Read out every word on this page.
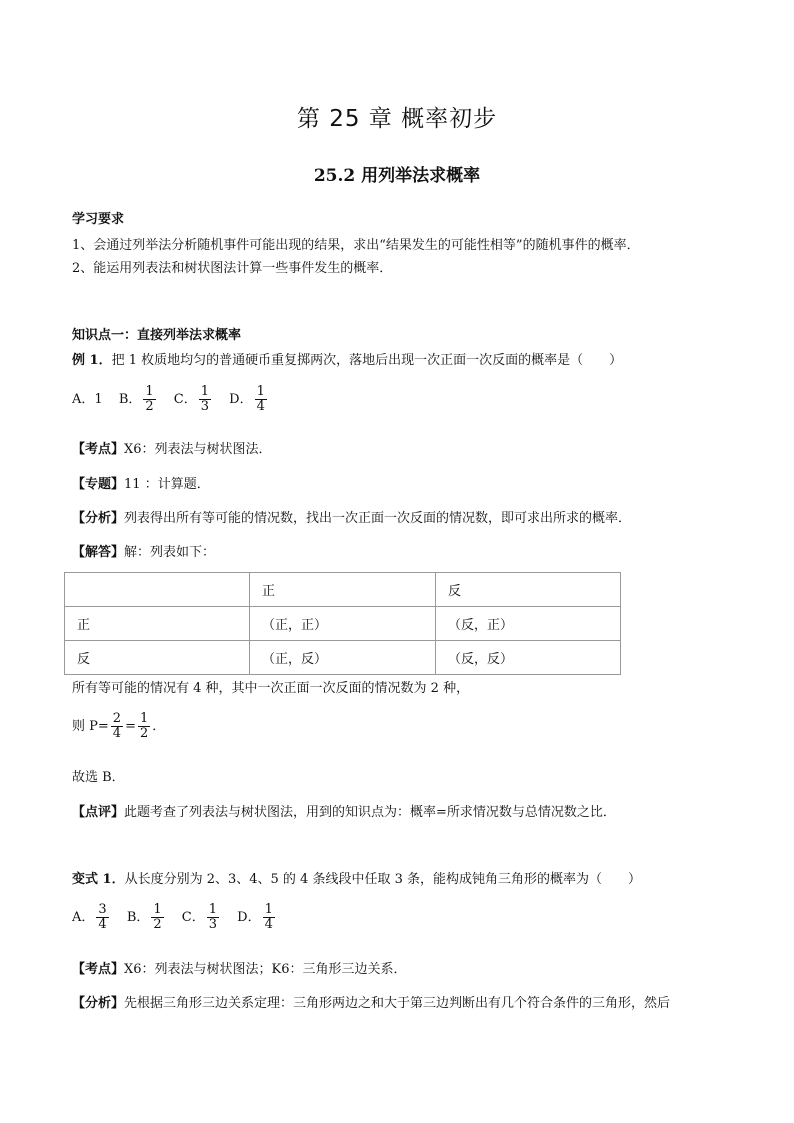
第 25 章 概率初步
25.2 用列举法求概率
学习要求
1、会通过列举法分析随机事件可能出现的结果，求出“结果发生的可能性相等”的随机事件的概率．
2、能运用列表法和树状图法计算一些事件发生的概率．
知识点一：直接列举法求概率
例 1．把 1 枚质地均匀的普通硬币重复掷两次，落地后出现一次正面一次反面的概率是（　　）
A．1 B． $\frac{1}{2}$ C． $\frac{1}{3}$ D． $\frac{1}{4}$
【考点】X6：列表法与树状图法．
【专题】11 ：计算题．
【分析】列表得出所有等可能的情况数，找出一次正面一次反面的情况数，即可求出所求的概率．
【解答】解：列表如下：
	正	反
正	（正，正）	（反，正）
反	（正，反）	（反，反）
所有等可能的情况有 4 种，其中一次正面一次反面的情况数为 2 种，
则 $P= \frac{2}{4} = \frac{1}{2}$ ．
故选 B．
【点评】此题考查了列表法与树状图法，用到的知识点为：概率=所求情况数与总情况数之比．
变式 1．从长度分别为 2、3、4、5 的 4 条线段中任取 3 条，能构成钝角三角形的概率为（　　）
A． $\frac{3}{4}$ B． $\frac{1}{2}$ C． $\frac{1}{3}$ D． $\frac{1}{4}$
【考点】X6：列表法与树状图法；K6：三角形三边关系．
【分析】先根据三角形三边关系定理：三角形两边之和大于第三边判断出有几个符合条件的三角形，然后
